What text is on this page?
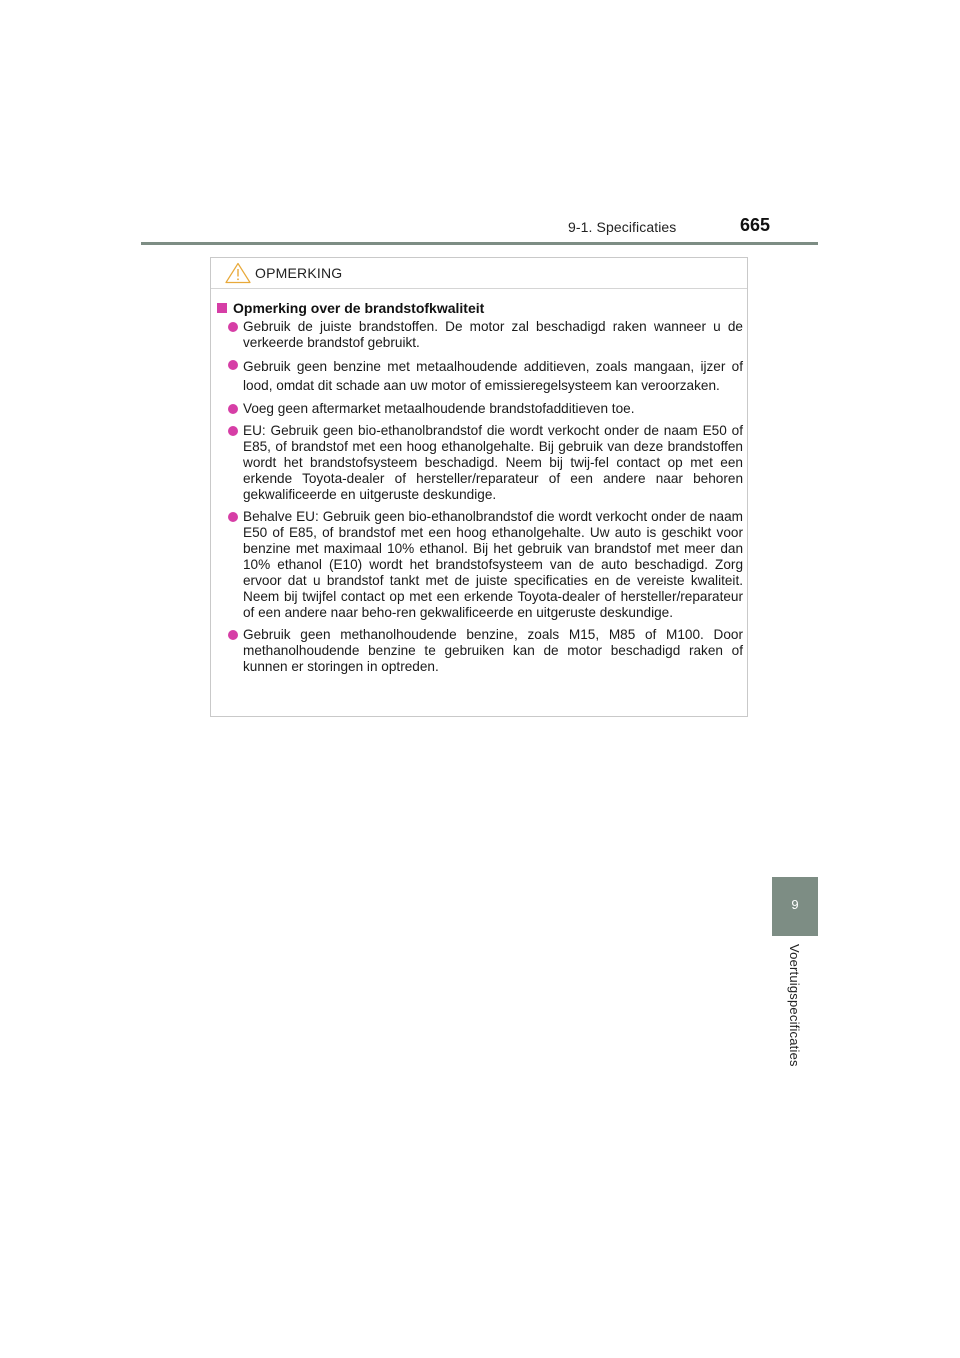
9-1. Specificaties	665
9
Voertuigspecificaties
OPMERKING
Opmerking over de brandstofkwaliteit

Gebruik de juiste brandstoffen. De motor zal beschadigd raken wanneer u de verkeerde brandstof gebruikt.

Gebruik geen benzine met metaalhoudende additieven, zoals mangaan, ijzer of lood, omdat dit schade aan uw motor of emissieregelsysteem kan veroorzaken.

Voeg geen aftermarket metaalhoudende brandstofadditieven toe.

EU: Gebruik geen bio-ethanolbrandstof die wordt verkocht onder de naam E50 of E85, of brandstof met een hoog ethanolgehalte. Bij gebruik van deze brandstoffen wordt het brandstofsysteem beschadigd. Neem bij twij-fel contact op met een erkende Toyota-dealer of hersteller/reparateur of een andere naar behoren gekwalificeerde en uitgeruste deskundige.

Behalve EU: Gebruik geen bio-ethanolbrandstof die wordt verkocht onder de naam E50 of E85, of brandstof met een hoog ethanolgehalte. Uw auto is geschikt voor benzine met maximaal 10% ethanol. Bij het gebruik van brandstof met meer dan 10% ethanol (E10) wordt het brandstofsysteem van de auto beschadigd. Zorg ervoor dat u brandstof tankt met de juiste specificaties en de vereiste kwaliteit. Neem bij twijfel contact op met een erkende Toyota-dealer of hersteller/reparateur of een andere naar beho-ren gekwalificeerde en uitgeruste deskundige.

Gebruik geen methanolhoudende benzine, zoals M15, M85 of M100. Door methanolhoudende benzine te gebruiken kan de motor beschadigd raken of kunnen er storingen in optreden.
